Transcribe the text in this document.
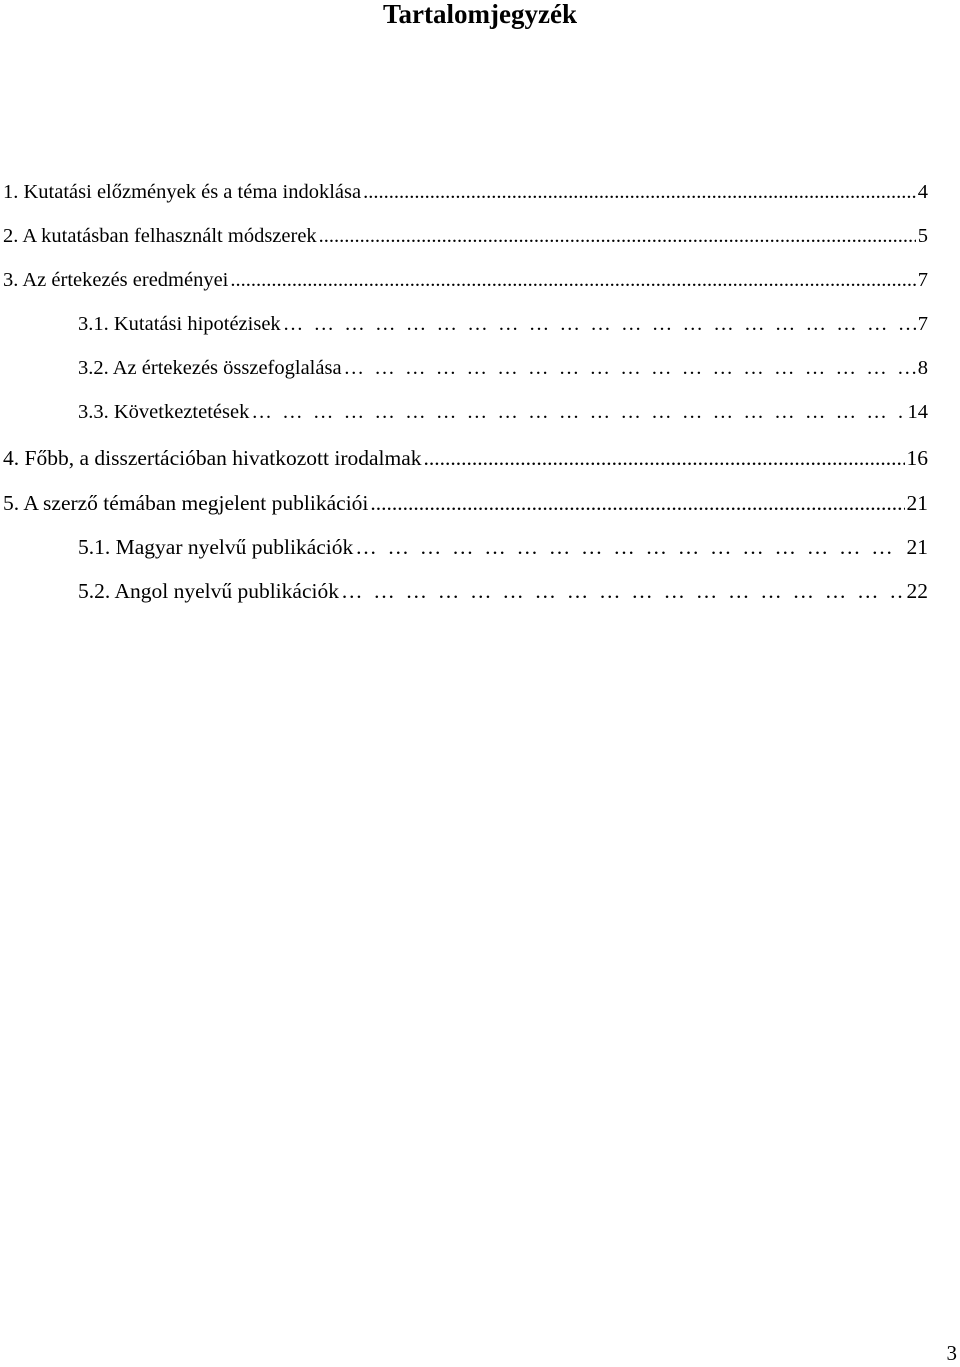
Tartalomjegyzék
1. Kutatási előzmények és a téma indoklása .....	4
2. A kutatásban felhasznált módszerek .....	5
3. Az értekezés eredményei .....	7
3.1. Kutatási hipotézisek … … … … … … … … … … … … … … … … … … … … … … … … … … … … … … … … …	7
3.2. Az értekezés összefoglalása … … … … … … … … … … … … … … … … … … … … … … … … … … … … … … … … …	8
3.3. Következtetések … … … … … … … … … … … … … … … … … … … … … … … … … … … … … … … … …	14
4. Főbb, a disszertációban hivatkozott irodalmak .....	16
5. A szerző témában megjelent publikációi .....	21
5.1. Magyar nyelvű publikációk … … … … … … … … … … … … … … … … … … … … … … … … … … … … … … … … …	21
5.2. Angol nyelvű publikációk … … … … … … … … … … … … … … … … … … … … … … … … … … … … … … … … …	22
3
